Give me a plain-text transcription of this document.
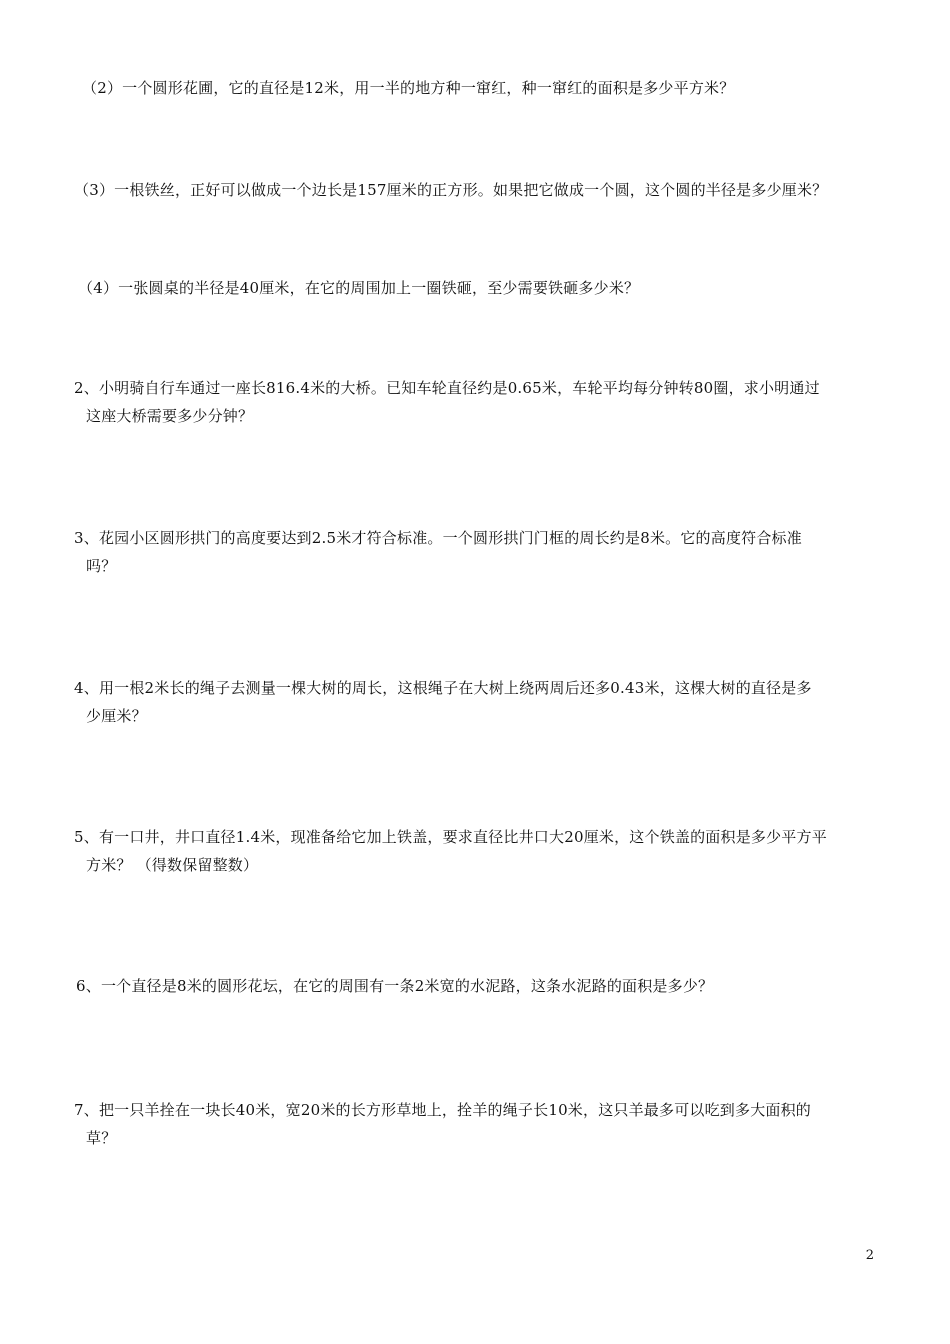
（2）一个圆形花圃，它的直径是12米，用一半的地方种一窜红，种一窜红的面积是多少平方米？

（3）一根铁丝，正好可以做成一个边长是157厘米的正方形。如果把它做成一个圆，这个圆的半径是多少厘米？

（4）一张圆桌的半径是40厘米，在它的周围加上一圈铁砸，至少需要铁砸多少米？

2、小明骑自行车通过一座长816.4米的大桥。已知车轮直径约是0.65米，车轮平均每分钟转80圈，求小明通过
这座大桥需要多少分钟？

3、花园小区圆形拱门的高度要达到2.5米才符合标准。一个圆形拱门门框的周长约是8米。它的高度符合标准
吗？

4、用一根2米长的绳子去测量一棵大树的周长，这根绳子在大树上绕两周后还多0.43米，这棵大树的直径是多
少厘米？

5、有一口井，井口直径1.4米，现准备给它加上铁盖，要求直径比井口大20厘米，这个铁盖的面积是多少平方平
方米？ （得数保留整数）

6、一个直径是8米的圆形花坛，在它的周围有一条2米宽的水泥路，这条水泥路的面积是多少？

7、把一只羊拴在一块长40米，宽20米的长方形草地上，拴羊的绳子长10米，这只羊最多可以吃到多大面积的
草？

2
